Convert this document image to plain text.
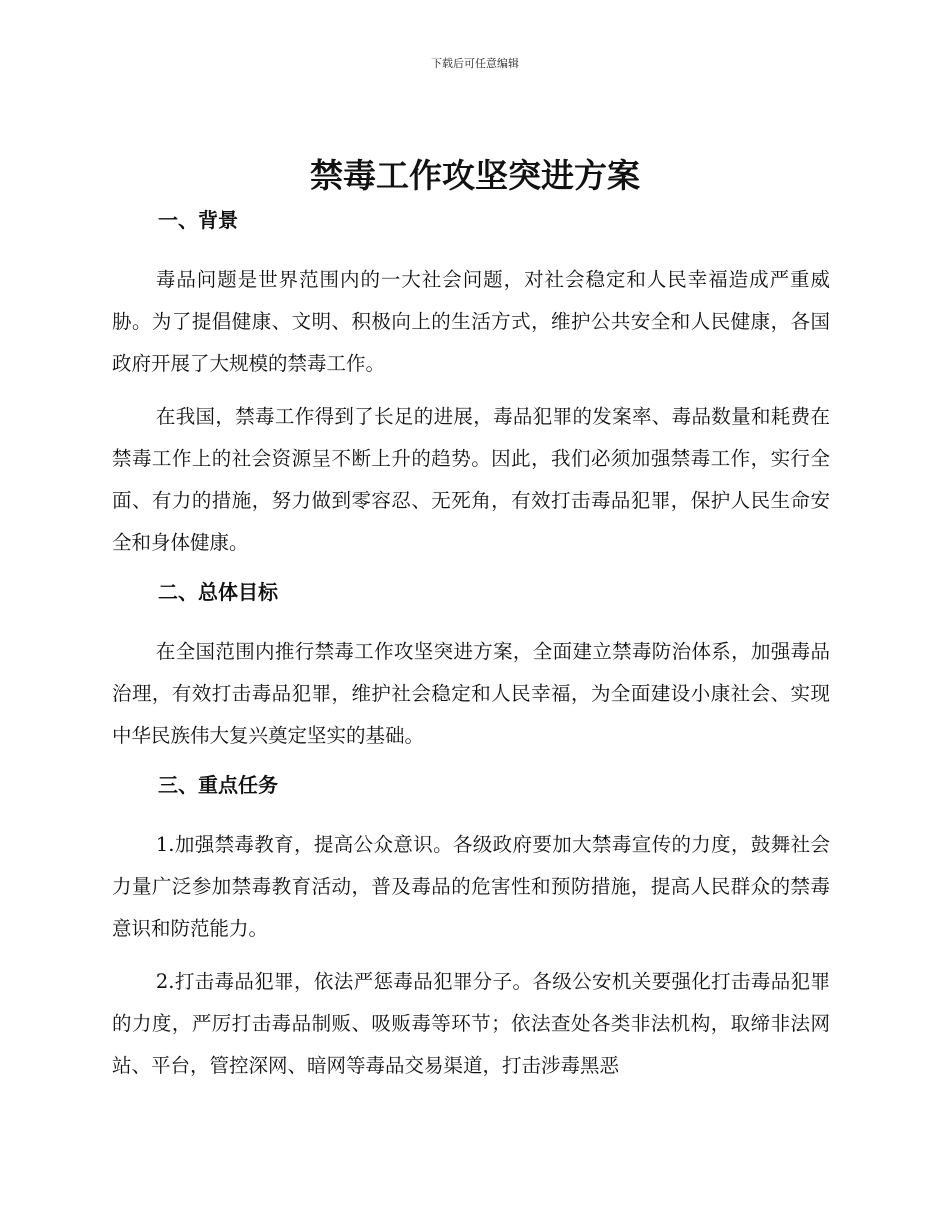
下载后可任意编辑
禁毒工作攻坚突进方案
一、背景

毒品问题是世界范围内的一大社会问题，对社会稳定和人民幸福造成严重威胁。为了提倡健康、文明、积极向上的生活方式，维护公共安全和人民健康，各国政府开展了大规模的禁毒工作。

在我国，禁毒工作得到了长足的进展，毒品犯罪的发案率、毒品数量和耗费在禁毒工作上的社会资源呈不断上升的趋势。因此，我们必须加强禁毒工作，实行全面、有力的措施，努力做到零容忍、无死角，有效打击毒品犯罪，保护人民生命安全和身体健康。

二、总体目标

在全国范围内推行禁毒工作攻坚突进方案，全面建立禁毒防治体系，加强毒品治理，有效打击毒品犯罪，维护社会稳定和人民幸福，为全面建设小康社会、实现中华民族伟大复兴奠定坚实的基础。

三、重点任务

1.加强禁毒教育，提高公众意识。各级政府要加大禁毒宣传的力度，鼓舞社会力量广泛参加禁毒教育活动，普及毒品的危害性和预防措施，提高人民群众的禁毒意识和防范能力。

2.打击毒品犯罪，依法严惩毒品犯罪分子。各级公安机关要强化打击毒品犯罪的力度，严厉打击毒品制贩、吸贩毒等环节；依法查处各类非法机构，取缔非法网站、平台，管控深网、暗网等毒品交易渠道，打击涉毒黑恶
